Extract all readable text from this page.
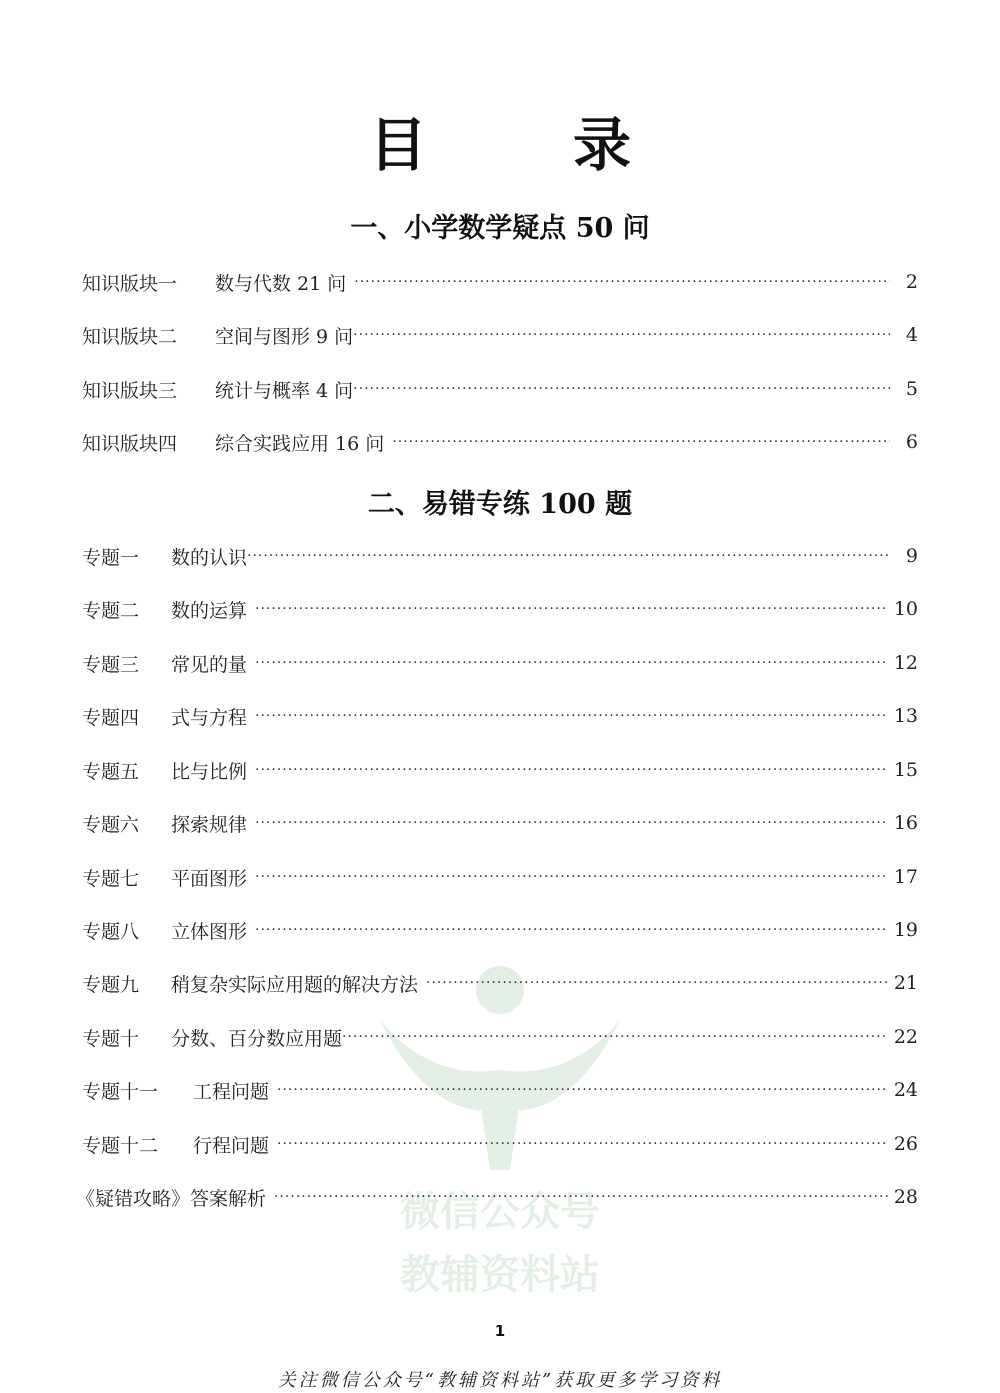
微信公众号
教辅资料站
目　录
一、小学数学疑点 50 问
知识版块一	数与代数 21 问 ·····	2
知识版块二	空间与图形 9 问 ·····	4
知识版块三	统计与概率 4 问 ·····	5
知识版块四	综合实践应用 16 问 ·····	6
二、易错专练 100 题
专题一	数的认识 ·····	9
专题二	数的运算 ·····	10
专题三	常见的量 ·····	12
专题四	式与方程 ·····	13
专题五	比与比例 ·····	15
专题六	探索规律 ·····	16
专题七	平面图形 ·····	17
专题八	立体图形 ·····	19
专题九	稍复杂实际应用题的解决方法 ·····	21
专题十	分数、百分数应用题 ·····	22
专题十一	工程问题 ·····	24
专题十二	行程问题 ·····	26
《疑错攻略》答案解析 ·····	28
1
关注微信公众号“教辅资料站”获取更多学习资料
